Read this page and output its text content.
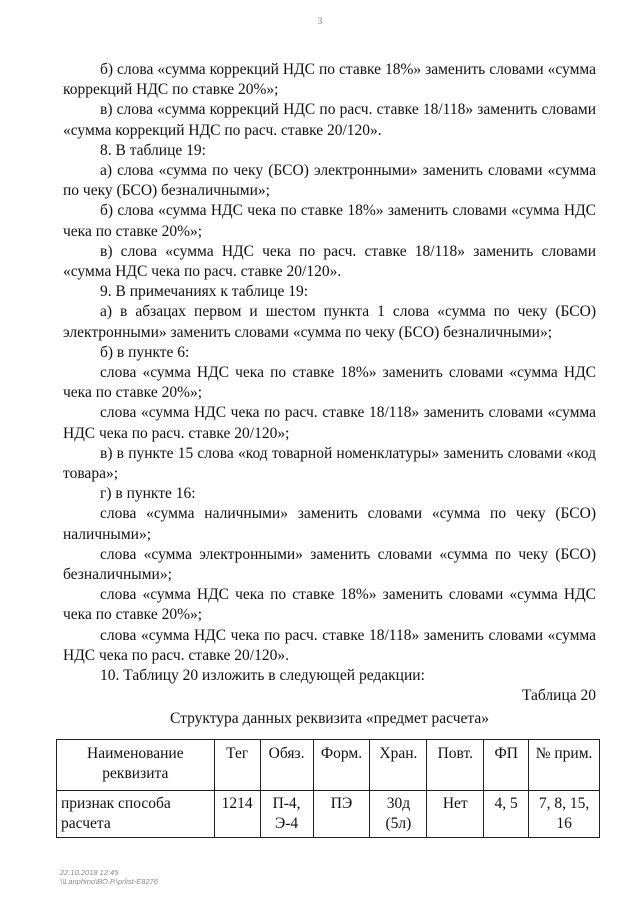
3

б) слова «сумма коррекций НДС по ставке 18%» заменить словами «сумма коррекций НДС по ставке 20%»;

в) слова «сумма коррекций НДС по расч. ставке 18/118» заменить словами «сумма коррекций НДС по расч. ставке 20/120».

8. В таблице 19:

а) слова «сумма по чеку (БСО) электронными» заменить словами «сумма по чеку (БСО) безналичными»;

б) слова «сумма НДС чека по ставке 18%» заменить словами «сумма НДС чека по ставке 20%»;

в) слова «сумма НДС чека по расч. ставке 18/118» заменить словами «сумма НДС чека по расч. ставке 20/120».

9. В примечаниях к таблице 19:

а) в абзацах первом и шестом пункта 1 слова «сумма по чеку (БСО) электронными» заменить словами «сумма по чеку (БСО) безналичными»;

б) в пункте 6:

слова «сумма НДС чека по ставке 18%» заменить словами «сумма НДС чека по ставке 20%»;

слова «сумма НДС чека по расч. ставке 18/118» заменить словами «сумма НДС чека по расч. ставке 20/120»;

в) в пункте 15 слова «код товарной номенклатуры» заменить словами «код товара»;

г) в пункте 16:

слова «сумма наличными» заменить словами «сумма по чеку (БСО) наличными»;

слова «сумма электронными» заменить словами «сумма по чеку (БСО) безналичными»;

слова «сумма НДС чека по ставке 18%» заменить словами «сумма НДС чека по ставке 20%»;

слова «сумма НДС чека по расч. ставке 18/118» заменить словами «сумма НДС чека по расч. ставке 20/120».

10. Таблицу 20 изложить в следующей редакции:

Таблица 20

Структура данных реквизита «предмет расчета»

Наименование реквизита	Тег	Обяз.	Форм.	Хран.	Повт.	ФП	№ прим.
признак способа расчета	1214	П-4, Э-4	ПЭ	30д (5л)	Нет	4, 5	7, 8, 15, 16
22.10.2018 12:45
\\Lanphino\ВО.Р.\prlist-E8276
